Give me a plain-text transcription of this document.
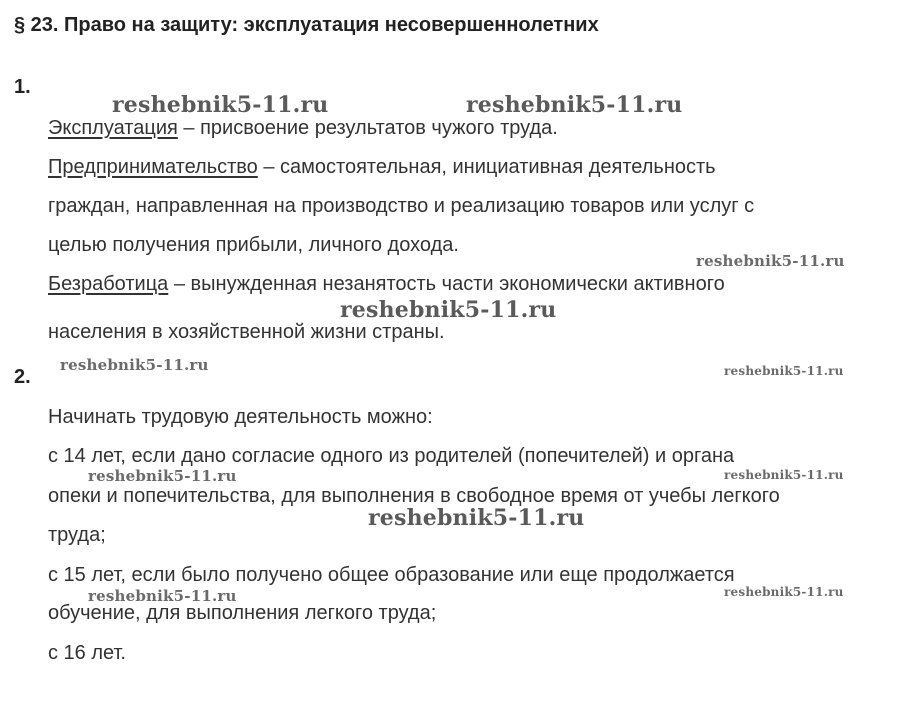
§ 23. Право на защиту: эксплуатация несовершеннолетних
1.
Эксплуатация – присвоение результатов чужого труда.
Предпринимательство – самостоятельная, инициативная деятельность
граждан, направленная на производство и реализацию товаров или услуг с
целью получения прибыли, личного дохода.
Безработица – вынужденная незанятость части экономически активного
населения в хозяйственной жизни страны.
2.
Начинать трудовую деятельность можно:
с 14 лет, если дано согласие одного из родителей (попечителей) и органа
опеки и попечительства, для выполнения в свободное время от учебы легкого
труда;
с 15 лет, если было получено общее образование или еще продолжается
обучение, для выполнения легкого труда;
с 16 лет.
reshebnik5-11.ru	reshebnik5-11.ru
reshebnik5-11.ru
reshebnik5-11.ru
reshebnik5-11.ru	reshebnik5-11.ru
reshebnik5-11.ru	reshebnik5-11.ru
reshebnik5-11.ru
reshebnik5-11.ru	reshebnik5-11.ru
